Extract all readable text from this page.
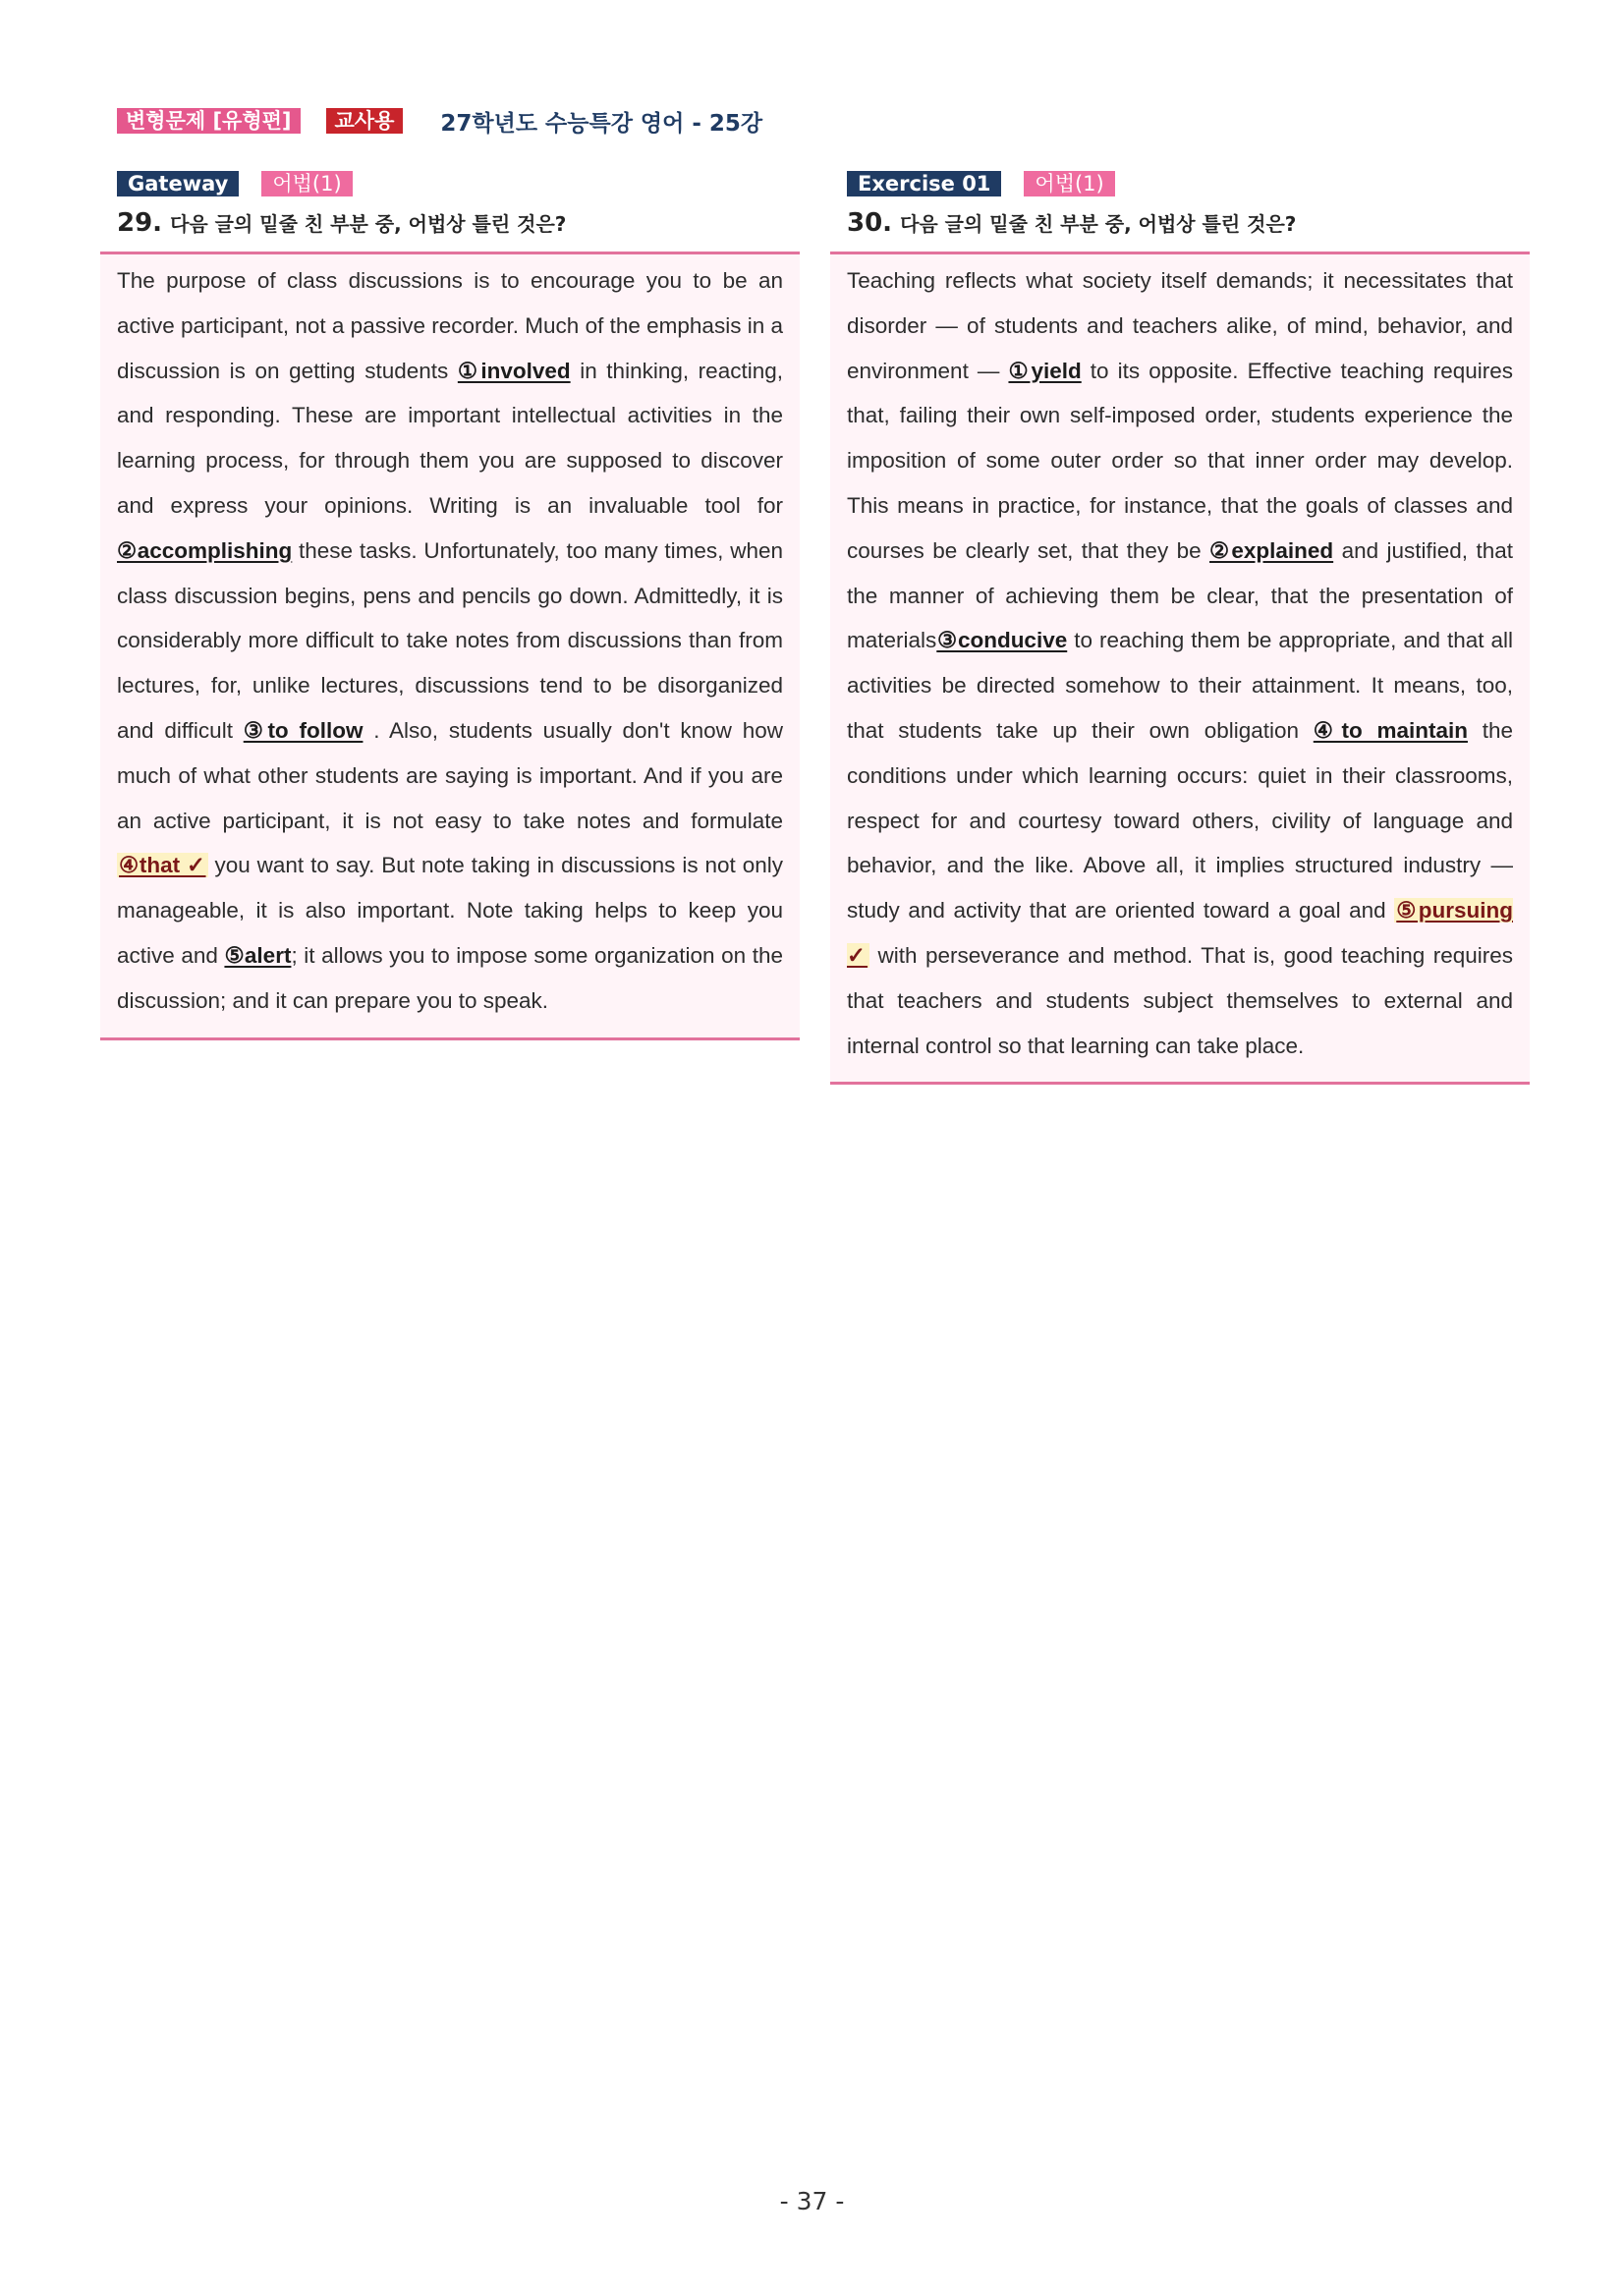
변형문제 [유형편]	교사용	27학년도 수능특강 영어 - 25강
Gateway	어법(1)
29. 다음 글의 밑줄 친 부분 중, 어법상 틀린 것은?

The purpose of class discussions is to encourage you to be an active participant, not a passive recorder. Much of the emphasis in a discussion is on getting students ①involved in thinking, reacting, and responding. These are important intellectual activities in the learning process, for through them you are supposed to discover and express your opinions. Writing is an invaluable tool for ②accomplishing these tasks. Unfortunately, too many times, when class discussion begins, pens and pencils go down. Admittedly, it is considerably more difficult to take notes from discussions than from lectures, for, unlike lectures, discussions tend to be disorganized and difficult ③to follow . Also, students usually don't know how much of what other students are saying is important. And if you are an active participant, it is not easy to take notes and formulate ④that ✓ you want to say. But note taking in discussions is not only manageable, it is also important. Note taking helps to keep you active and ⑤alert; it allows you to impose some organization on the discussion; and it can prepare you to speak.

Exercise 01	어법(1)
30. 다음 글의 밑줄 친 부분 중, 어법상 틀린 것은?

Teaching reflects what society itself demands; it necessitates that disorder — of students and teachers alike, of mind, behavior, and environment — ①yield to its opposite. Effective teaching requires that, failing their own self-imposed order, students experience the imposition of some outer order so that inner order may develop. This means in practice, for instance, that the goals of classes and courses be clearly set, that they be ②explained and justified, that the manner of achieving them be clear, that the presentation of materials③conducive to reaching them be appropriate, and that all activities be directed somehow to their attainment. It means, too, that students take up their own obligation ④to maintain the conditions under which learning occurs: quiet in their classrooms, respect for and courtesy toward others, civility of language and behavior, and the like. Above all, it implies structured industry — study and activity that are oriented toward a goal and ⑤pursuing ✓ with perseverance and method. That is, good teaching requires that teachers and students subject themselves to external and internal control so that learning can take place.

- 37 -
